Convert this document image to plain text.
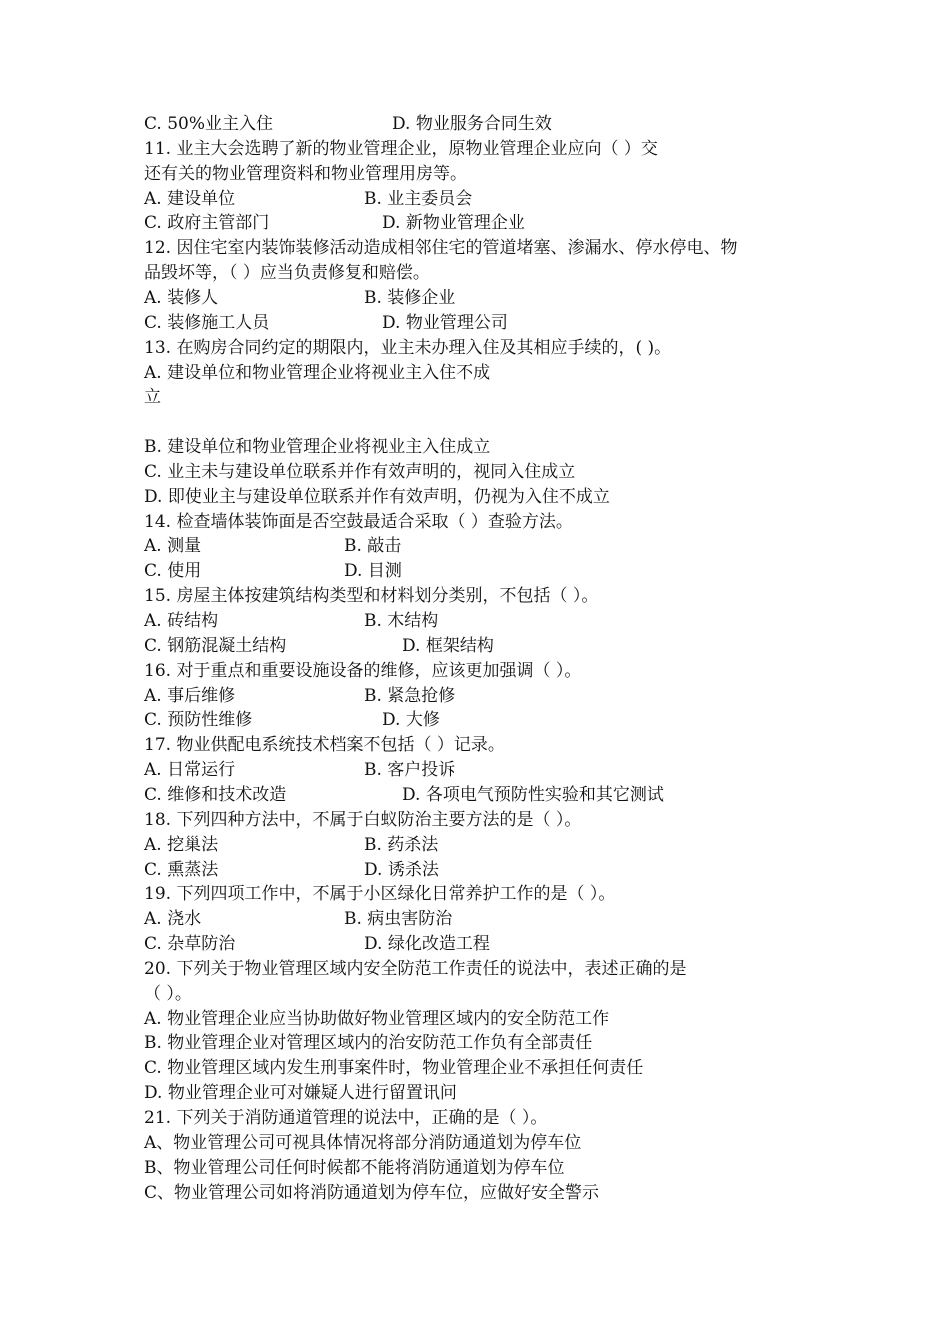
C. 50%业主入住	D. 物业服务合同生效
11. 业主大会选聘了新的物业管理企业，原物业管理企业应向（ ）交
还有关的物业管理资料和物业管理用房等。
A. 建设单位	B. 业主委员会
C. 政府主管部门	D. 新物业管理企业
12. 因住宅室内装饰装修活动造成相邻住宅的管道堵塞、渗漏水、停水停电、物
品毁坏等，（ ）应当负责修复和赔偿。
A. 装修人	B. 装修企业
C. 装修施工人员	D. 物业管理公司
13. 在购房合同约定的期限内，业主未办理入住及其相应手续的，( )。
A. 建设单位和物业管理企业将视业主入住不成
立
B. 建设单位和物业管理企业将视业主入住成立
C. 业主未与建设单位联系并作有效声明的，视同入住成立
D. 即使业主与建设单位联系并作有效声明，仍视为入住不成立
14. 检查墙体装饰面是否空鼓最适合采取（ ）查验方法。
A. 测量	B. 敲击
C. 使用	D. 目测
15. 房屋主体按建筑结构类型和材料划分类别，不包括（ ）。
A. 砖结构	B. 木结构
C. 钢筋混凝土结构	D. 框架结构
16. 对于重点和重要设施设备的维修，应该更加强调（ ）。
A. 事后维修	B. 紧急抢修
C. 预防性维修	D. 大修
17. 物业供配电系统技术档案不包括（ ）记录。
A. 日常运行	B. 客户投诉
C. 维修和技术改造	D. 各项电气预防性实验和其它测试
18. 下列四种方法中，不属于白蚁防治主要方法的是（ ）。
A. 挖巢法	B. 药杀法
C. 熏蒸法	D. 诱杀法
19. 下列四项工作中，不属于小区绿化日常养护工作的是（ ）。
A. 浇水	B. 病虫害防治
C. 杂草防治	D. 绿化改造工程
20. 下列关于物业管理区域内安全防范工作责任的说法中，表述正确的是
（ ）。
A. 物业管理企业应当协助做好物业管理区域内的安全防范工作
B. 物业管理企业对管理区域内的治安防范工作负有全部责任
C. 物业管理区域内发生刑事案件时，物业管理企业不承担任何责任
D. 物业管理企业可对嫌疑人进行留置讯问
21. 下列关于消防通道管理的说法中，正确的是（ ）。
A、物业管理公司可视具体情况将部分消防通道划为停车位
B、物业管理公司任何时候都不能将消防通道划为停车位
C、物业管理公司如将消防通道划为停车位，应做好安全警示
